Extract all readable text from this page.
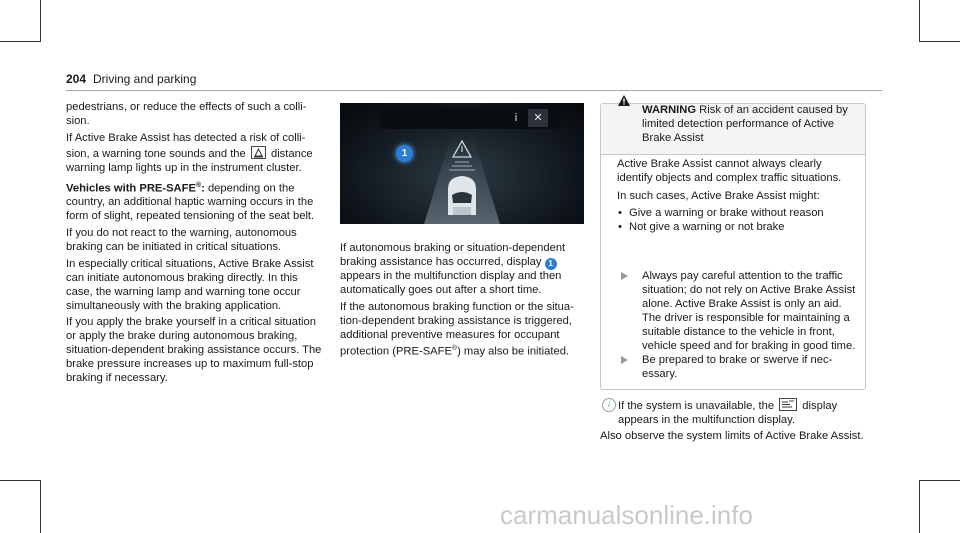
204 Driving and parking

pedestrians, or reduce the effects of such a collision.

If Active Brake Assist has detected a risk of collision, a warning tone sounds and the distance warning lamp lights up in the instrument cluster.

Vehicles with PRE-SAFE®: depending on the country, an additional haptic warning occurs in the form of slight, repeated tensioning of the seat belt.

If you do not react to the warning, autonomous braking can be initiated in critical situations.

In especially critical situations, Active Brake Assist can initiate autonomous braking directly. In this case, the warning lamp and warning tone occur simultaneously with the braking application.

If you apply the brake yourself in a critical situation or apply the brake during autonomous braking, situation-dependent braking assistance occurs. The brake pressure increases up to maximum full-stop braking if necessary.

i	✕
1

If autonomous braking or situation-dependent braking assistance has occurred, display 1 appears in the multifunction display and then automatically goes out after a short time.

If the autonomous braking function or the situation-dependent braking assistance is triggered, additional preventive measures for occupant protection (PRE-SAFE®) may also be initiated.

WARNING Risk of an accident caused by limited detection performance of Active Brake Assist

Active Brake Assist cannot always clearly identify objects and complex traffic situations.

In such cases, Active Brake Assist might:

• Give a warning or brake without reason

• Not give a warning or not brake

Always pay careful attention to the traffic situation; do not rely on Active Brake Assist alone. Active Brake Assist is only an aid. The driver is responsible for maintaining a suitable distance to the vehicle in front, vehicle speed and for braking in good time.
Be prepared to brake or swerve if necessary.
i If the system is unavailable, the
display appears in the multifunction display.
Also observe the system limits of Active Brake Assist.
carmanualsonline.info
